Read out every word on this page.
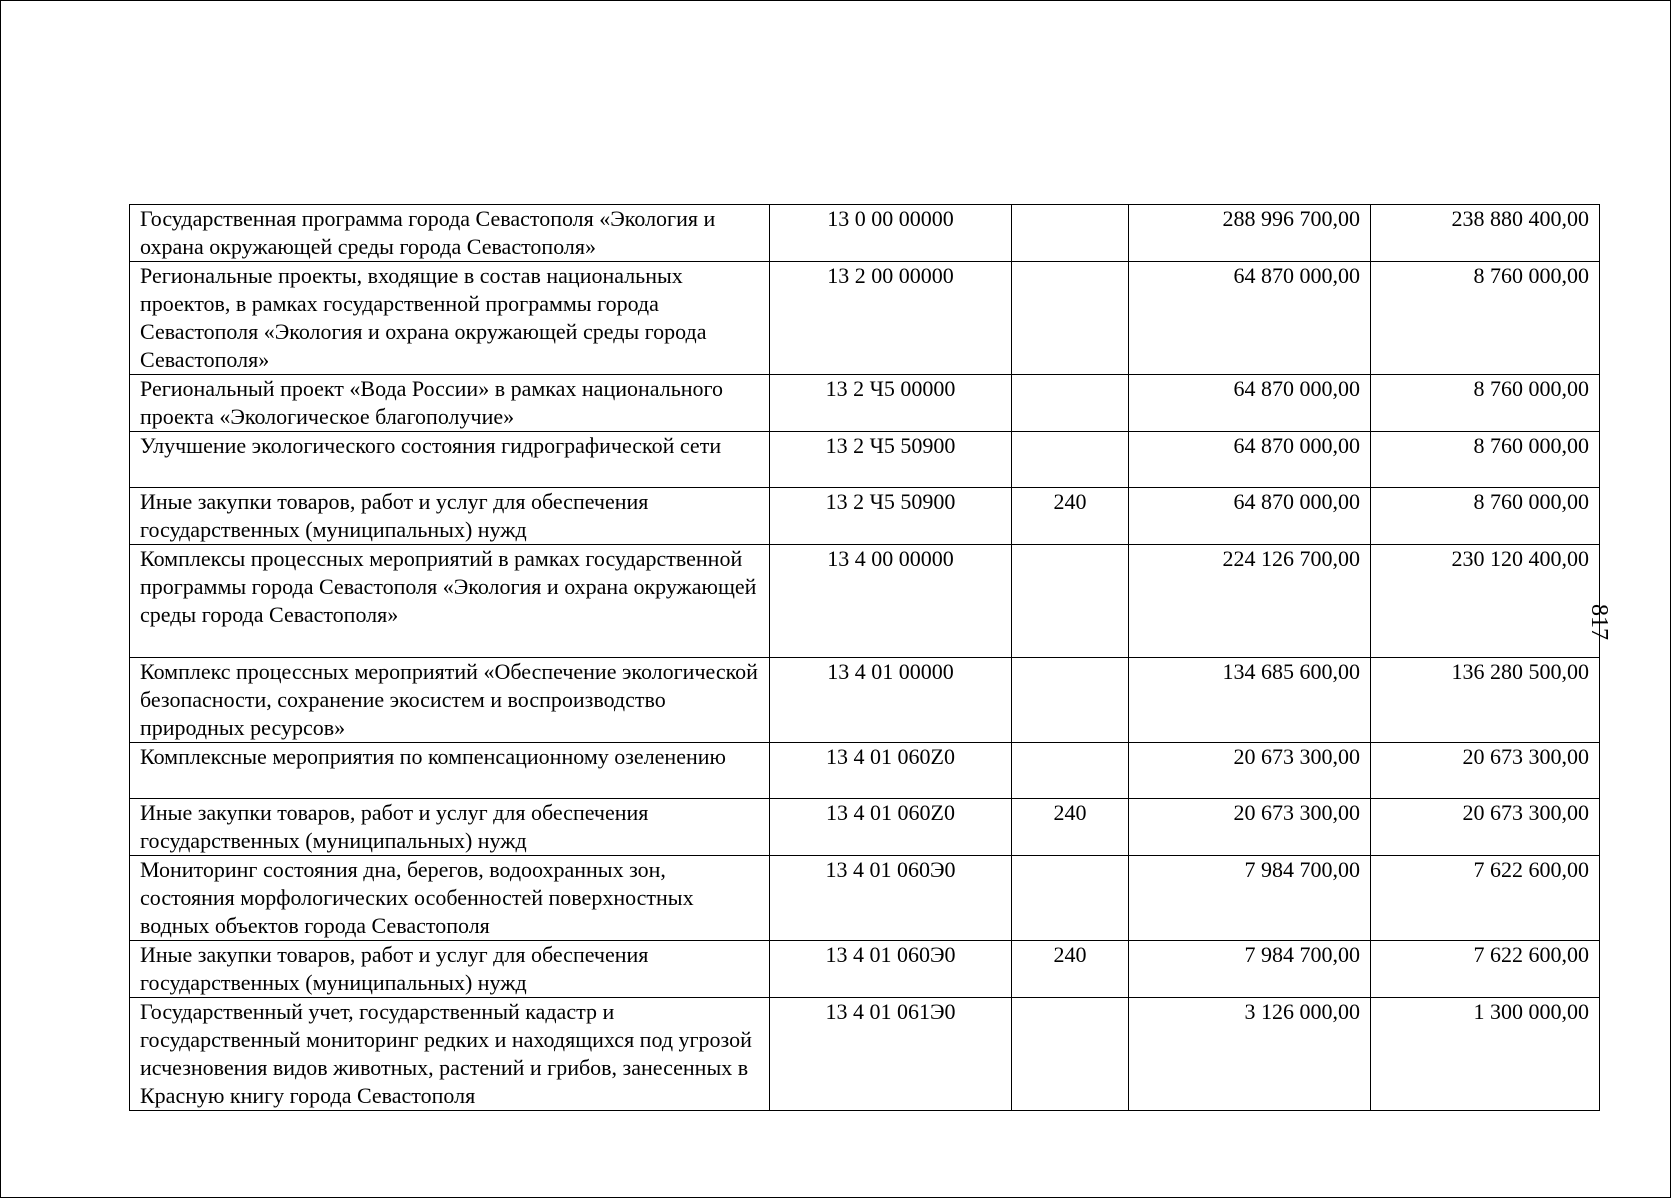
Государственная программа города Севастополя «Экология и охрана окружающей среды города Севастополя»	13 0 00 00000		288 996 700,00	238 880 400,00
Региональные проекты, входящие в состав национальных проектов, в рамках государственной программы города Севастополя «Экология и охрана окружающей среды города Севастополя»	13 2 00 00000		64 870 000,00	8 760 000,00
Региональный проект «Вода России» в рамках национального проекта «Экологическое благополучие»	13 2 Ч5 00000		64 870 000,00	8 760 000,00
Улучшение экологического состояния гидрографической сети	13 2 Ч5 50900		64 870 000,00	8 760 000,00
Иные закупки товаров, работ и услуг для обеспечения государственных (муниципальных) нужд	13 2 Ч5 50900	240	64 870 000,00	8 760 000,00
Комплексы процессных мероприятий в рамках государственной программы города Севастополя «Экология и охрана окружающей среды города Севастополя»	13 4 00 00000		224 126 700,00	230 120 400,00
Комплекс процессных мероприятий «Обеспечение экологической безопасности, сохранение экосистем и воспроизводство природных ресурсов»	13 4 01 00000		134 685 600,00	136 280 500,00
Комплексные мероприятия по компенсационному озеленению	13 4 01 060Z0		20 673 300,00	20 673 300,00
Иные закупки товаров, работ и услуг для обеспечения государственных (муниципальных) нужд	13 4 01 060Z0	240	20 673 300,00	20 673 300,00
Мониторинг состояния дна, берегов, водоохранных зон, состояния морфологических особенностей поверхностных водных объектов города Севастополя	13 4 01 060Э0		7 984 700,00	7 622 600,00
Иные закупки товаров, работ и услуг для обеспечения государственных (муниципальных) нужд	13 4 01 060Э0	240	7 984 700,00	7 622 600,00
Государственный учет, государственный кадастр и государственный мониторинг редких и находящихся под угрозой исчезновения видов животных, растений и грибов, занесенных в Красную книгу города Севастополя	13 4 01 061Э0		3 126 000,00	1 300 000,00
817
